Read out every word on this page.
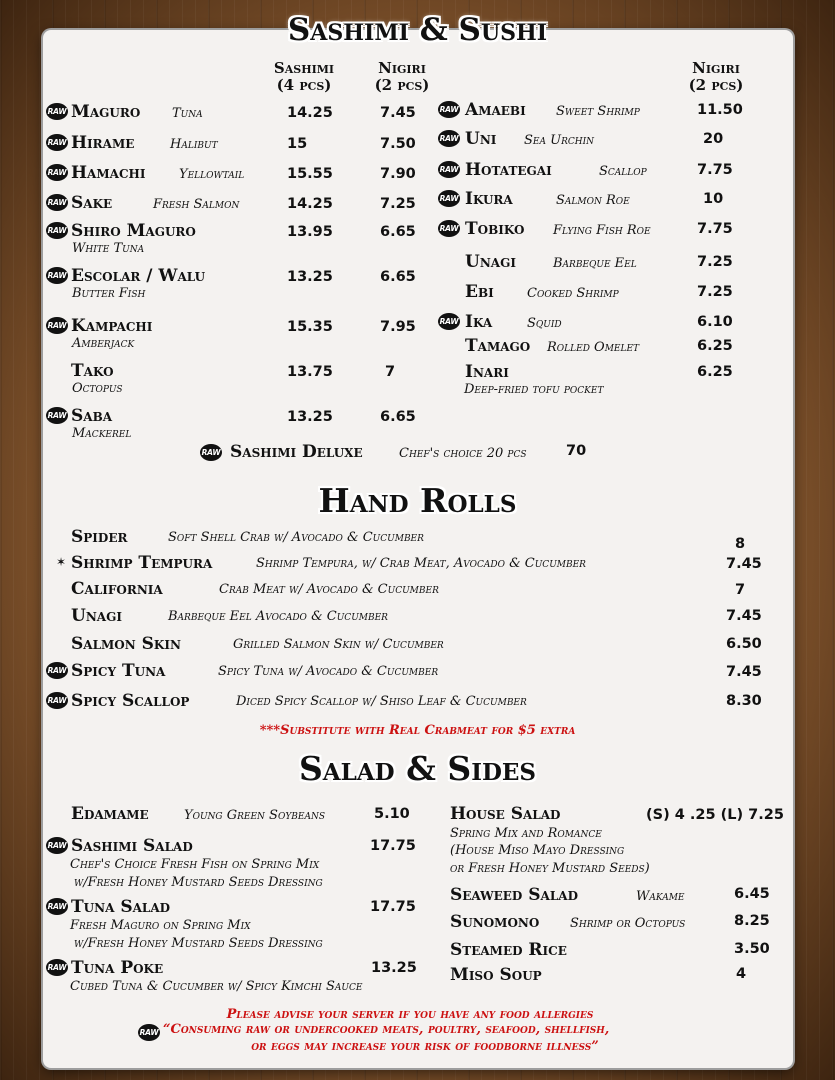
Sashimi & Sushi
Sashimi
(4 pcs)
Nigiri
(2 pcs)
Nigiri
(2 pcs)
RAW Maguro Tuna	14.25	7.45
RAW Hirame	Halibut	15	7.50
RAW Hamachi	Yellowtail	15.55	7.90
RAW Sake	Fresh Salmon	14.25	7.25
RAW Shiro Maguro
White Tuna
13.95	6.65
RAW Escolar / Walu
Butter Fish
13.25	6.65
RAW Kampachi
Amberjack
15.35	7.95
Tako
Octopus
13.75	7
RAW Saba
Mackerel
13.25	6.65
RAW Amaebi Sweet Shrimp	11.50
RAW Uni Sea Urchin	20
RAW Hotategai	Scallop	7.75
RAW Ikura	Salmon Roe	10
RAW Tobiko Flying Fish Roe	7.75
Unagi	Barbeque Eel	7.25
Ebi	Cooked Shrimp	7.25
RAW Ika	Squid	6.10
Tamago Rolled Omelet	6.25
Inari
Deep-fried tofu pocket
6.25
RAW Sashimi Deluxe	Chef's choice 20 pcs	70
Hand Rolls
Spider	Soft Shell Crab w/ Avocado & Cucumber	8
✶ Shrimp Tempura	Shrimp Tempura, w/ Crab Meat, Avocado & Cucumber	7.45
California	Crab Meat w/ Avocado & Cucumber	7
Unagi	Barbeque Eel Avocado & Cucumber	7.45
Salmon Skin	Grilled Salmon Skin w/ Cucumber	6.50
RAW Spicy Tuna	Spicy Tuna w/ Avocado & Cucumber	7.45
RAW Spicy Scallop	Diced Spicy Scallop w/ Shiso Leaf & Cucumber	8.30
***Substitute with Real Crabmeat for $5 extra
Salad & Sides
Edamame	Young Green Soybeans	5.10
RAW Sashimi Salad	17.75
Chef's Choice Fresh Fish on Spring Mix
w/Fresh Honey Mustard Seeds Dressing
RAW Tuna Salad	17.75
Fresh Maguro on Spring Mix
w/Fresh Honey Mustard Seeds Dressing
RAW Tuna Poke	13.25
Cubed Tuna & Cucumber w/ Spicy Kimchi Sauce
House Salad	(S) 4 .25 (L) 7.25
Spring Mix and Romance
(House Miso Mayo Dressing
or Fresh Honey Mustard Seeds)
Seaweed Salad	Wakame	6.45
Sunomono Shrimp or Octopus	8.25
Steamed Rice	3.50
Miso Soup	4
Please advise your server if you have any food allergies
RAW “Consuming raw or undercooked meats, poultry, seafood, shellfish,
or eggs may increase your risk of foodborne illness”
